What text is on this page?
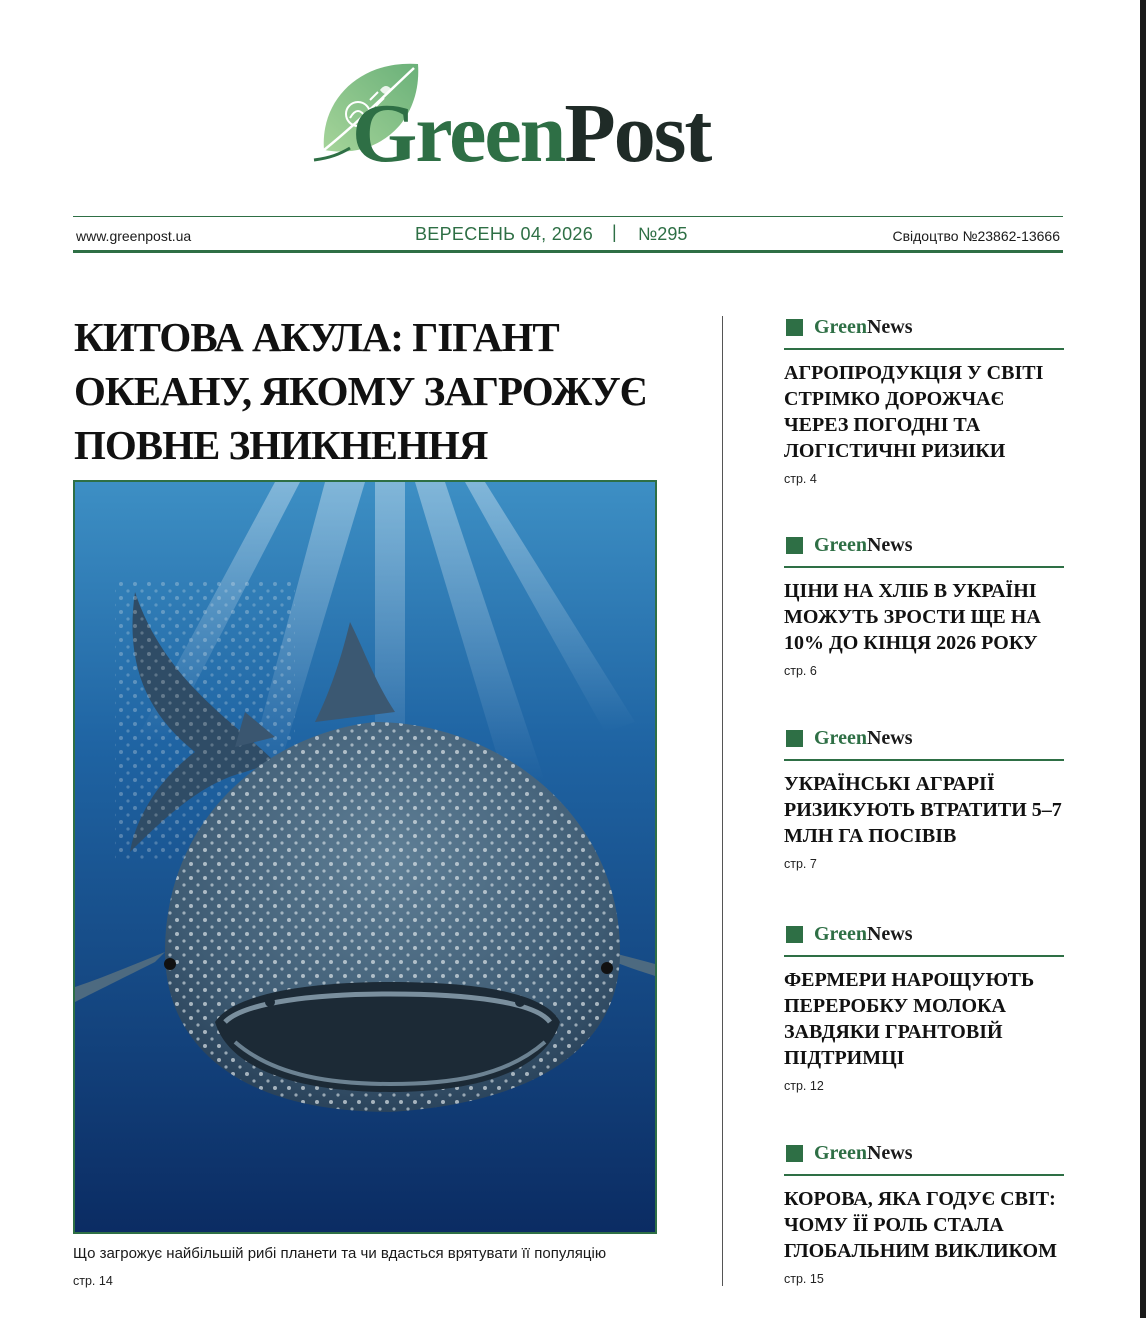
GreenPost
www.greenpost.ua	ВЕРЕСЕНЬ 04, 2026 | №295	Свідоцтво №23862-13666
КИТОВА АКУЛА: ГІГАНТ ОКЕАНУ, ЯКОМУ ЗАГРОЖУЄ ПОВНЕ ЗНИКНЕННЯ
Що загрожує найбільшій рибі планети та чи вдасться врятувати її популяцію
стр. 14
GreenNews

АГРОПРОДУКЦІЯ У СВІТІ СТРІМКО ДОРОЖЧАЄ ЧЕРЕЗ ПОГОДНІ ТА ЛОГІСТИЧНІ РИЗИКИ

стр. 4
GreenNews

ЦІНИ НА ХЛІБ В УКРАЇНІ МОЖУТЬ ЗРОСТИ ЩЕ НА 10% ДО КІНЦЯ 2026 РОКУ

стр. 6
GreenNews

УКРАЇНСЬКІ АГРАРІЇ РИЗИКУЮТЬ ВТРАТИТИ 5–7 МЛН ГА ПОСІВІВ

стр. 7
GreenNews

ФЕРМЕРИ НАРОЩУЮТЬ ПЕРЕРОБКУ МОЛОКА ЗАВДЯКИ ГРАНТОВІЙ ПІДТРИМЦІ

стр. 12
GreenNews

КОРОВА, ЯКА ГОДУЄ СВІТ: ЧОМУ ЇЇ РОЛЬ СТАЛА ГЛОБАЛЬНИМ ВИКЛИКОМ

стр. 15
